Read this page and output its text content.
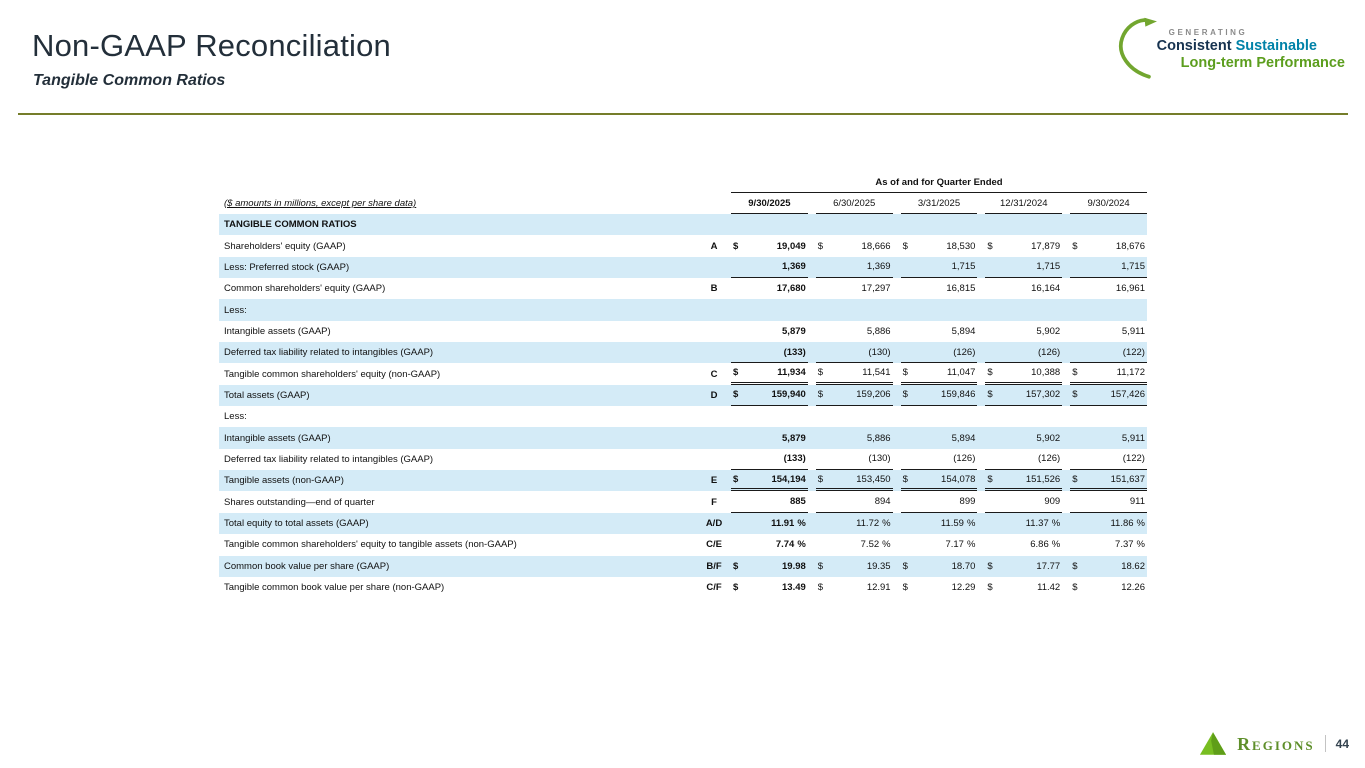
Non-GAAP Reconciliation
Tangible Common Ratios
GENERATING
Consistent Sustainable
Long-term Performance
As of and for Quarter Ended
($ amounts in millions, except per share data)	9/30/2025	6/30/2025	3/31/2025	12/31/2024	9/30/2024
TANGIBLE COMMON RATIOS
Shareholders' equity (GAAP)	A	$	19,049 $	18,666 $	18,530 $	17,879 $	18,676
Less: Preferred stock (GAAP)	1,369	1,369	1,715	1,715	1,715
Common shareholders' equity (GAAP)	B	17,680	17,297	16,815	16,164	16,961
Less:
Intangible assets (GAAP)	5,879	5,886	5,894	5,902	5,911
Deferred tax liability related to intangibles (GAAP)	(133)	(130)	(126)	(126)	(122)
Tangible common shareholders' equity (non-GAAP)	C	$	11,934 $	11,541 $	11,047 $	10,388 $	11,172
Total assets (GAAP)	D	$	159,940 $	159,206 $	159,846 $	157,302 $	157,426
Less:
Intangible assets (GAAP)	5,879	5,886	5,894	5,902	5,911
Deferred tax liability related to intangibles (GAAP)	(133)	(130)	(126)	(126)	(122)
Tangible assets (non-GAAP)	E	$	154,194 $	153,450 $	154,078 $	151,526 $	151,637
Shares outstanding—end of quarter	F	885	894	899	909	911
Total equity to total assets (GAAP)	A/D	11.91 %	11.72 %	11.59 %	11.37 %	11.86 %
Tangible common shareholders' equity to tangible assets (non-GAAP)	C/E	7.74 %	7.52 %	7.17 %	6.86 %	7.37 %
Common book value per share (GAAP)	B/F	$	19.98 $	19.35 $	18.70 $	17.77 $	18.62
Tangible common book value per share (non-GAAP)	C/F	$	13.49 $	12.91 $	12.29 $	11.42 $	12.26
Regions 44
